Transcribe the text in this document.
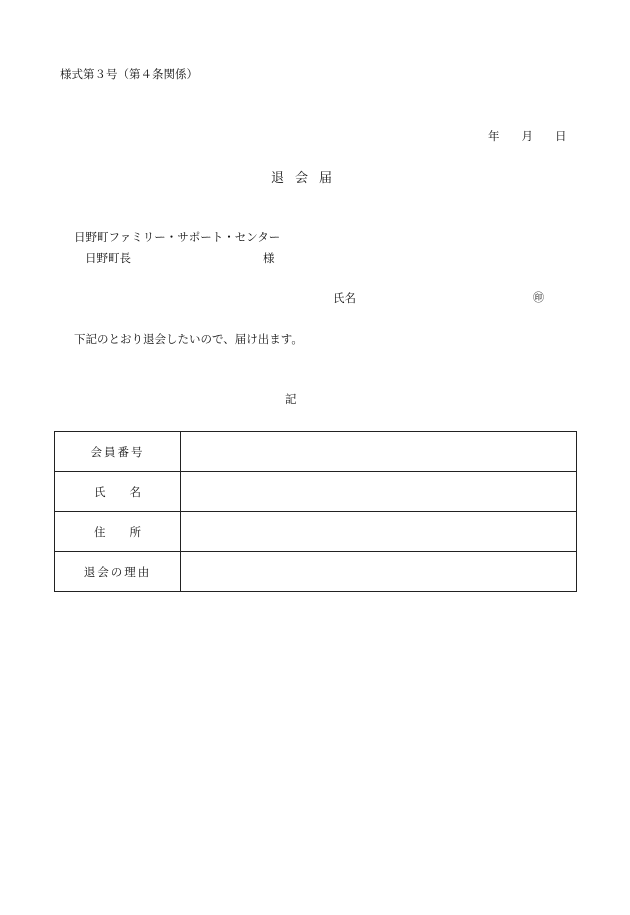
様式第３号（第４条関係）
年 月 日
退 会 届
日野町ファミリー・サポート・センター
日野町長	様
氏名	㊞
下記のとおり退会したいので、届け出ます。
記
会員番号	
氏名	
住所	
退会の理由	
